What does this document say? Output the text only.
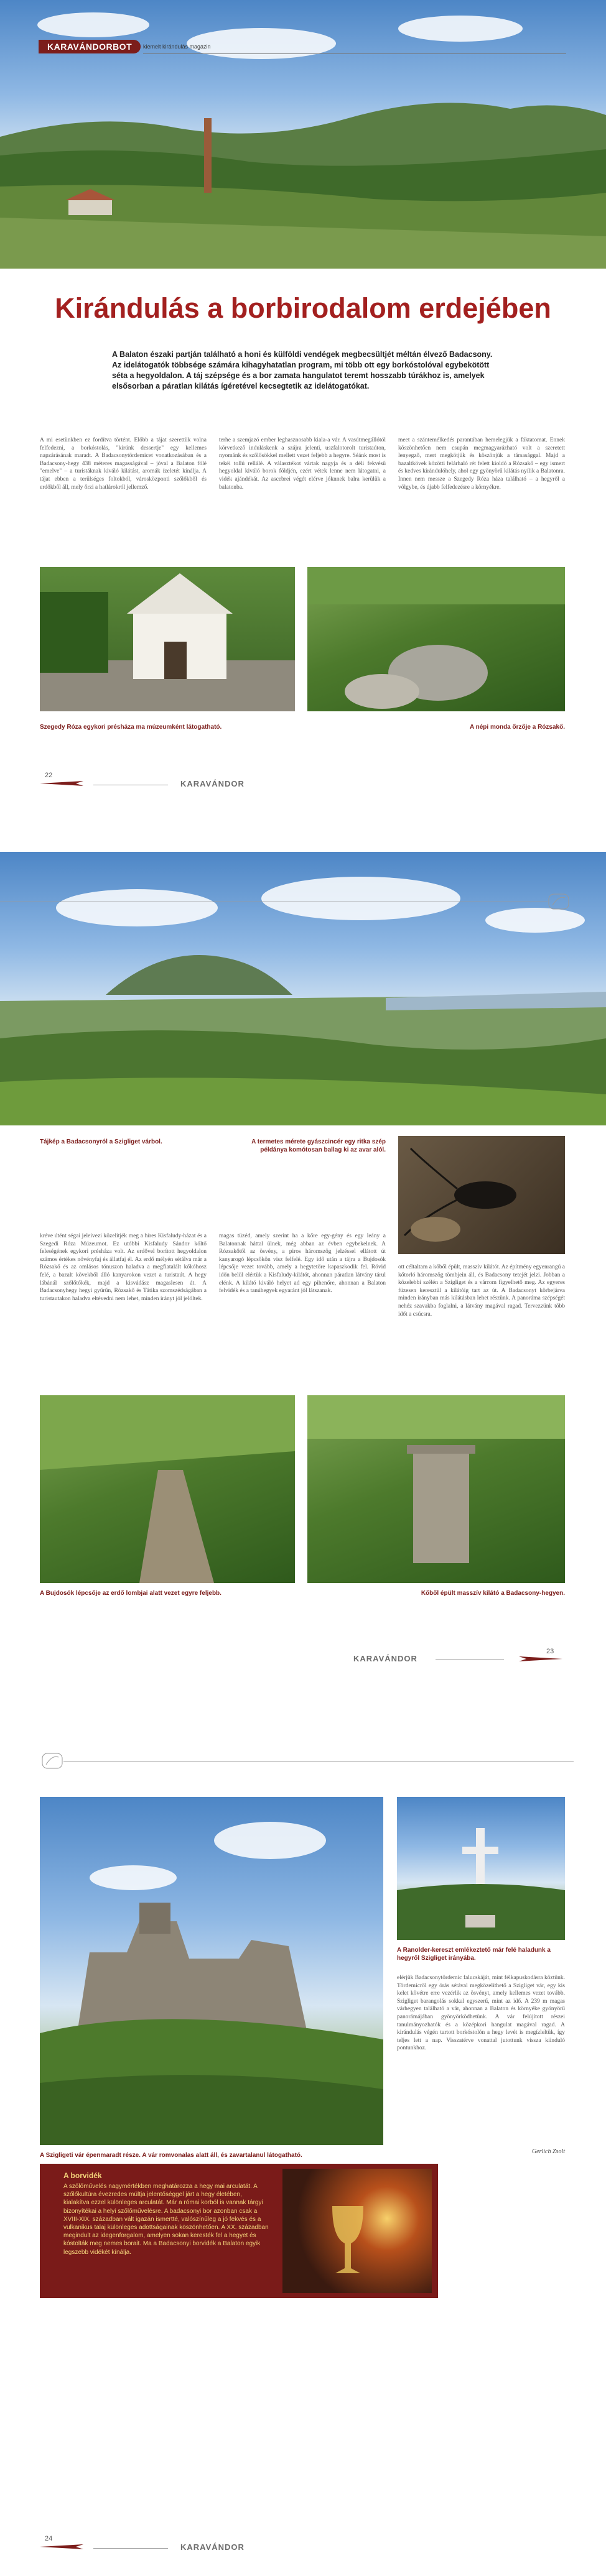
KARAVÁNDORBOT	kiemelt kirándulás magazin
Kirándulás a borbirodalom erdejében
A Balaton északi partján található a honi és külföldi vendégek megbecsültjét méltán élvező Badacsony. Az idelátogatók többsége számára kihagyhatatlan program, mi több ott egy borkóstolóval egybekötött séta a hegyoldalon. A táj szépsége és a bor zamata hangulatot teremt hosszabb túrákhoz is, amelyek elsősorban a páratlan kilátás ígéretével kecsegtetik az idelátogatókat.
A mi esetünkben ez fordítva történt. Előbb a tájat szerettük volna felfedezni, a borkóstolás, "kirúnk dessertje" egy kellemes napzárásának maradt. A Badacsonytördemicet vonatkozásában és a Badacsony-hegy 438 méteres magasságával – jóval a Balaton fölé "emelve" – a turistáknak kiváló kilátást, aromák ízeletét kínálja. A tájat ebben a terülséges foltokból, városközponti szőlőkből és erdőkből áll, mely őrzi a hatlárokról jellemző.
terhe a szemjazó ember leghasznosabb kiala-a vár. A vasútmegállótól körvetkező induláskenk a szájra jelenti, uszfalotorolt turistaúton, nyománk és szőlősökkel mellett vezet feljebb a hegyre. Séánk most is tekéi tollú rellálé. A választékot vártak nagyja és a déli fekvésű hegyoldal kiváló borok földjén, ezért vétek lenne nem látogatni, a vidék ajándékát. Az ascebrei végét elérve jóknnek balra kerülük a balatonba.
meet a szántemélkedés parantában hemelegjük a fáktatomat. Ennek köszönhetően nem csupán megmagyarázható volt a szeretett lenyegző, mert megkötjük és köszönjük a társasággal. Majd a bazaltkövek közötti felárhaló rét felett kioldó a Rózsakő – egy ismert és kedves kirándulóhely, ahol egy gyönyörű kilátás nyílik a Balatonra. Innen nem messze a Szegedy Róza háza található – a hegyről a völgybe, és újabb felfedezésre a környékre.
Szegedy Róza egykori présháza ma múzeumként látogatható.	A népi monda őrzője a Rózsakő.
22
KARAVÁNDOR
Tájkép a Badacsonyról a Szigliget várbol.	A termetes mérete gyászcincér egy ritka szép példánya komótosan ballag ki az avar alól.
kréve útént ségai jeleivezi közelítjék meg a híres Kisfaludy-házat és a Szegedi Róza Múzeumot. Ez utóbbi Kisfaludy Sándor költő feleségének egykori présháza volt. Az erdővel borított hegyoldalon számos értékes növényfaj és állatfaj él. Az erdő mélyén sétálva már a Rózsakő és az omlásos tónuszon haladva a megfiatalált kőkóhosz felé, a bazalt kövekből álló kanyarokon vezet a turistaút. A hegy lábánál szőlőtőkék, majd a kisvádász magaslesen át. A Badacsonyhegy hegyi gyűrűn, Rózsakő és Tátika szomszédságában a turistautakon haladva eltévedni nem lehet, minden irányt jól jelöltek.
magas tüzéd, amely szerint ha a kőre egy-gény és egy leány a Balatonnak háttal ülnek, még abban az évben egybekelnek. A Rózsakőtől az ösvény, a piros háromszög jelzéssel ellátott út kanyarogó lépcsőkön visz felfelé. Egy idő után a tájra a Bujdosók lépcsője vezet tovább, amely a hegytetőre kapaszkodik fel. Rövid időn belül elértük a Kisfaludy-kilátót, ahonnan páratlan látvány tárul elénk. A kilátó kiváló helyet ad egy pihenőre, ahonnan a Balaton felvidék és a tanúhegyek egyaránt jól látszanak.
ott céltaltam a kőből épült, masszív kilátót. Az építmény egyenrangú a kőtorló háromszög tömbjein áll, és Badacsony tetejét jelzi. Jobban a közelebbi szélén a Szigliget és a várrom figyelhető meg. Az egyeres füzesen keresztül a kilátóig tart az út. A Badacsonyt körbejárva minden irányban más kilátásban lehet részünk. A panoráma szépségét nehéz szavakba foglalni, a látvány magával ragad. Tervezzünk több időt a csúcsra.
A Bujdosók lépcsője az erdő lombjai alatt vezet egyre feljebb.	Kőből épült masszív kilátó a Badacsony-hegyen.
KARAVÁNDOR
23
A Ranolder-kereszt emlékeztető már felé haladunk a hegyről Szigliget irányába.
elérjük Badacsonytördemic falucskáját, mint félkapuskodásra köztünk. Tördemicről egy órás sétával megközelíthető a Szigliget vár, egy kis kelet kövétre erre vezérlik az ösvényt, amely kellemes vezet tovább. Szigliget barangolás sokkal egyszerű, mint az idő. A 239 m magas várhegyen található a vár, ahonnan a Balaton és környéke gyönyörű panorámájában gyönyörködhetünk. A vár felújított részei tanulmányozhatók és a középkori hangulat magával ragad. A kirándulás végén tartott borkóstolón a hegy levét is megízleltük, így teljes lett a nap. Visszatérve vonattal jutottunk vissza kiinduló pontunkhoz.
Gerlich Zsolt
A Szigligeti vár épenmaradt része. A vár romvonalas alatt áll, és zavartalanul látogatható.
A borvidék
A szőlőművelés nagymértékben meghatározza a hegy mai arculatát. A szőlőkultúra évezredes múltja jelentőséggel járt a hegy életében, kialakítva ezzel különleges arculatát. Már a római korból is vannak tárgyi bizonyítékai a helyi szőlőművelésre. A badacsonyi bor azonban csak a XVIII-XIX. században vált igazán ismertté, valószínűleg a jó fekvés és a vulkanikus talaj különleges adottságainak köszönhetően. A XX. században megindult az idegenforgalom, amelyen sokan keresték fel a hegyet és kóstolták meg nemes borait. Ma a Badacsonyi borvidék a Balaton egyik legszebb vidékét kínálja.
24
KARAVÁNDOR
